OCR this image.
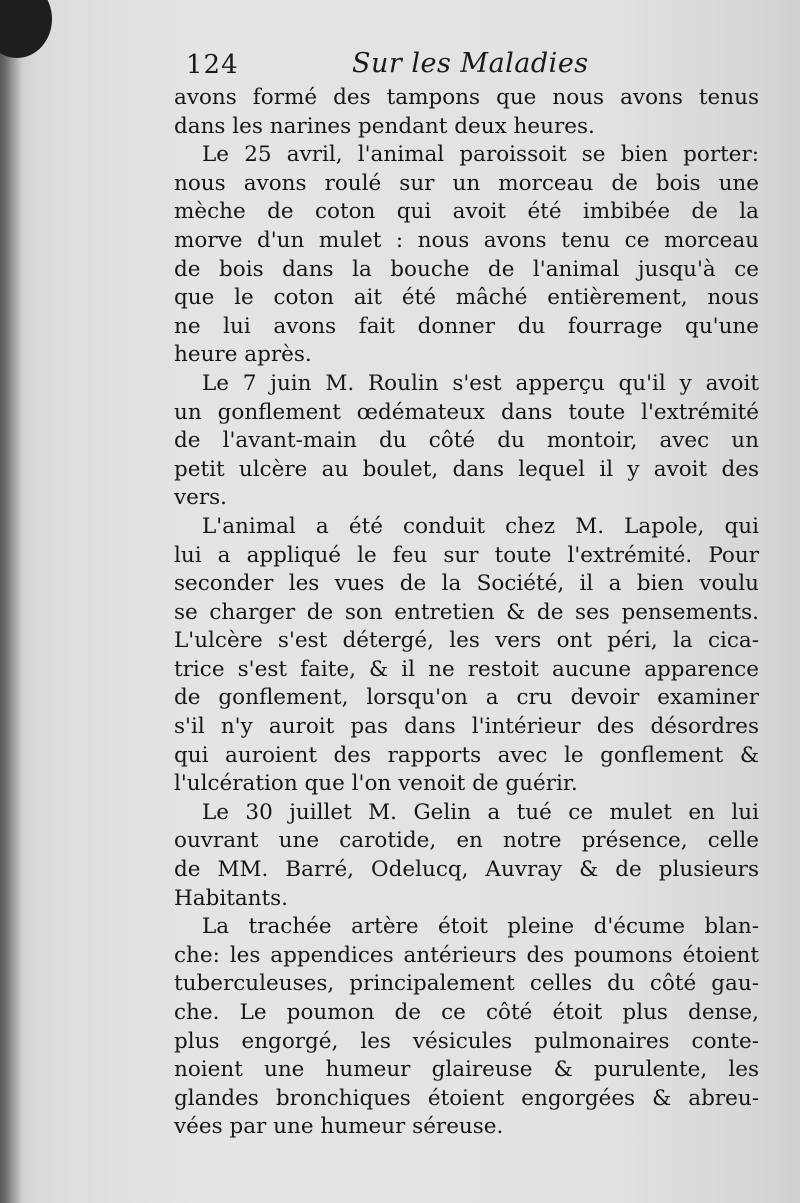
124	Sur les Maladies
avons formé des tampons que nous avons tenus
dans les narines pendant deux heures.
Le 25 avril, l'animal paroissoit se bien porter:
nous avons roulé sur un morceau de bois une
mèche de coton qui avoit été imbibée de la
morve d'un mulet : nous avons tenu ce morceau
de bois dans la bouche de l'animal jusqu'à ce
que le coton ait été mâché entièrement, nous
ne lui avons fait donner du fourrage qu'une
heure après.
Le 7 juin M. Roulin s'est apperçu qu'il y avoit
un gonflement œdémateux dans toute l'extrémité
de l'avant-main du côté du montoir, avec un
petit ulcère au boulet, dans lequel il y avoit des
vers.
L'animal a été conduit chez M. Lapole, qui
lui a appliqué le feu sur toute l'extrémité. Pour
seconder les vues de la Société, il a bien voulu
se charger de son entretien & de ses pensements.
L'ulcère s'est détergé, les vers ont péri, la cica-
trice s'est faite, & il ne restoit aucune apparence
de gonflement, lorsqu'on a cru devoir examiner
s'il n'y auroit pas dans l'intérieur des désordres
qui auroient des rapports avec le gonflement &
l'ulcération que l'on venoit de guérir.
Le 30 juillet M. Gelin a tué ce mulet en lui
ouvrant une carotide, en notre présence, celle
de MM. Barré, Odelucq, Auvray & de plusieurs
Habitants.
La trachée artère étoit pleine d'écume blan-
che: les appendices antérieurs des poumons étoient
tuberculeuses, principalement celles du côté gau-
che. Le poumon de ce côté étoit plus dense,
plus engorgé, les vésicules pulmonaires conte-
noient une humeur glaireuse & purulente, les
glandes bronchiques étoient engorgées & abreu-
vées par une humeur séreuse.
